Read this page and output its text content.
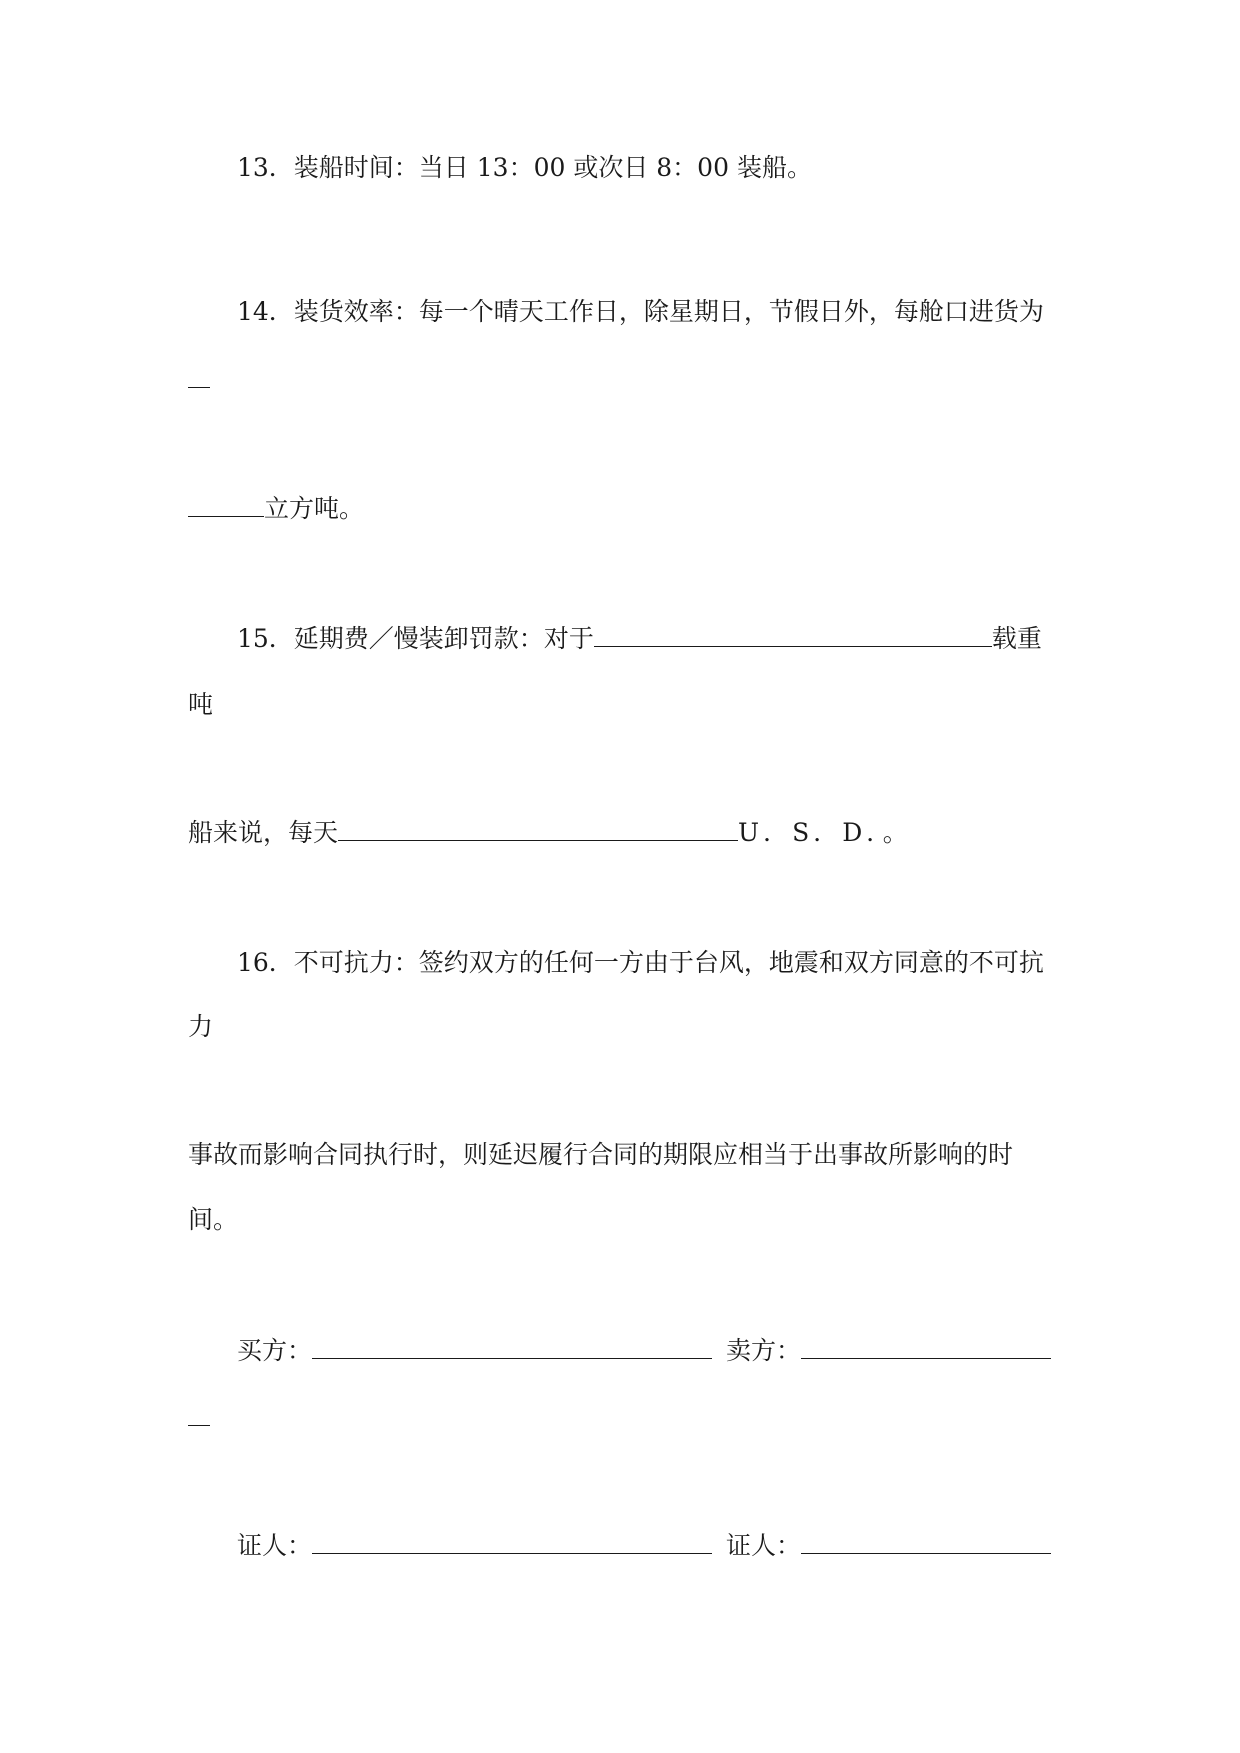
13．装船时间：当日 13：00 或次日 8：00 装船。
14．装货效率：每一个晴天工作日，除星期日，节假日外，每舱口进货为
立方吨。
15．延期费／慢装卸罚款：对于	载重
吨
船来说，每天	U．S．D．。
16．不可抗力：签约双方的任何一方由于台风，地震和双方同意的不可抗
力
事故而影响合同执行时，则延迟履行合同的期限应相当于出事故所影响的时
间。
买方：	卖方：
证人：	证人：
